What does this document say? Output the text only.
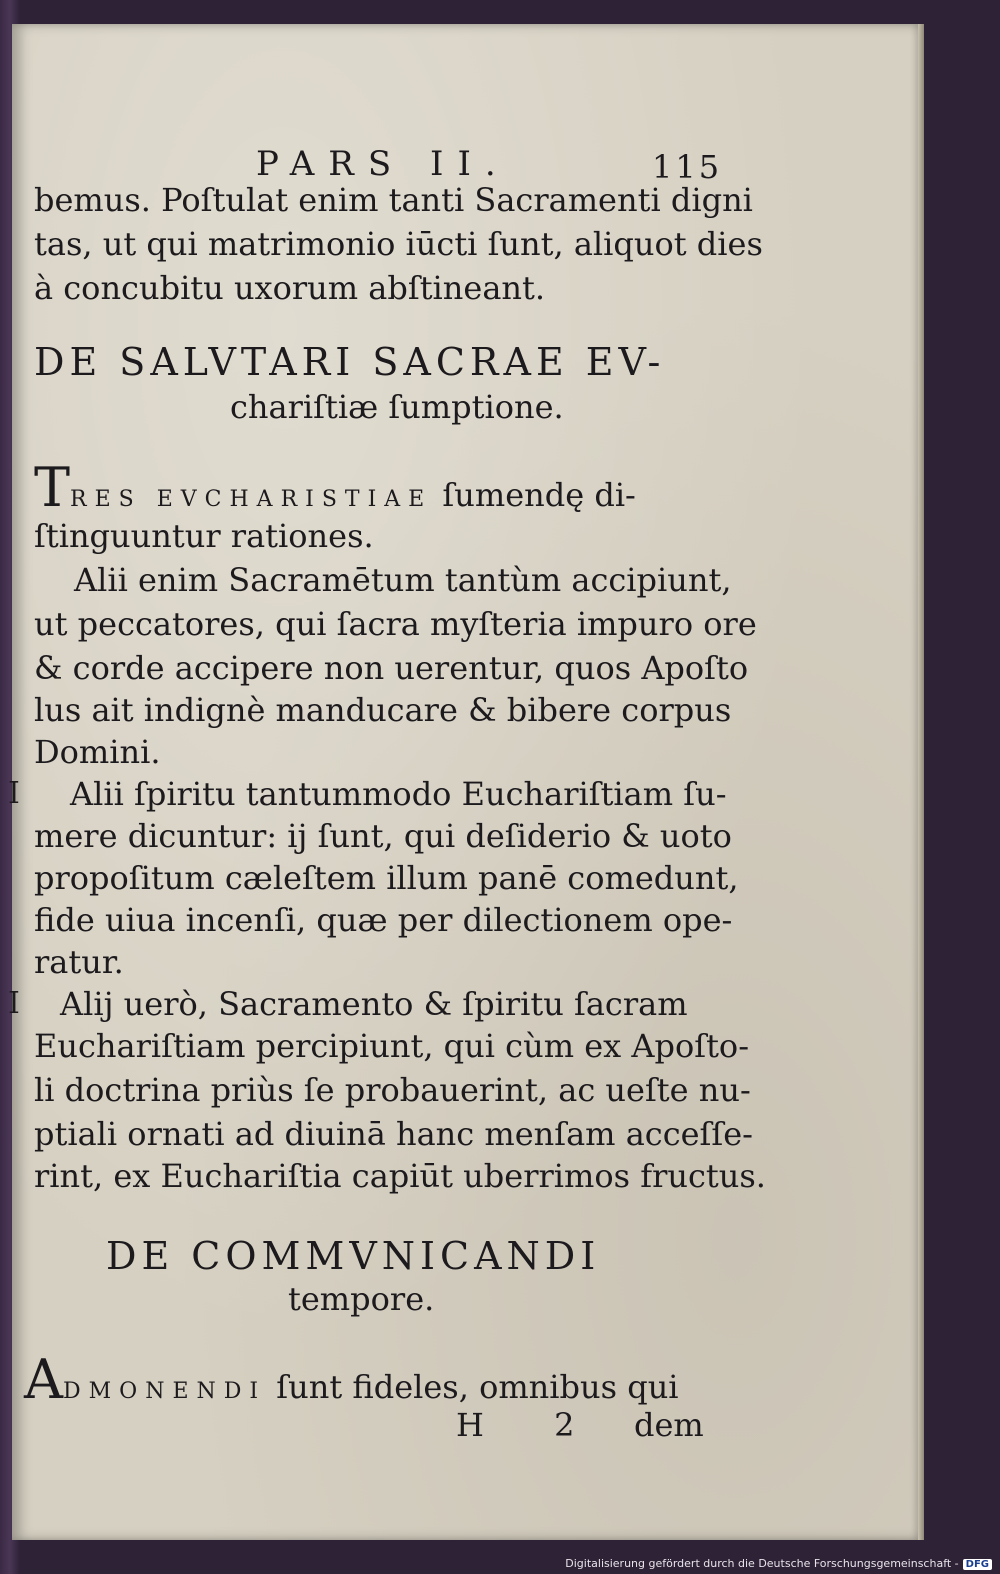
PARS II.	115
bemus. Poſtulat enim tanti Sacramenti digni
tas, ut qui matrimonio iūcti ſunt, aliquot dies
à concubitu uxorum abſtineant.
DE SALVTARI SACRAE EV-
chariſtiæ ſumptione.
TRES EVCHARISTIAE ſumendę di-
ſtinguuntur rationes.
Alii enim Sacramētum tantùm accipiunt,
ut peccatores, qui ſacra myſteria impuro ore
& corde accipere non uerentur, quos Apoſto
lus ait indignè manducare & bibere corpus
Domini.
I Alii ſpiritu tantummodo Euchariſtiam ſu-
mere dicuntur: ij ſunt, qui deſiderio & uoto
propoſitum cæleſtem illum panē comedunt,
fide uiua incenſi, quæ per dilectionem ope-
ratur.
I Alij uerò, Sacramento & ſpiritu ſacram
Euchariſtiam percipiunt, qui cùm ex Apoſto-
li doctrina priùs ſe probauerint, ac ueſte nu-
ptiali ornati ad diuinā hanc menſam acceſſe-
rint, ex Euchariſtia capiūt uberrimos fructus.
DE COMMVNICANDI
tempore.
ADMONENDI ſunt fideles, omnibus qui
H 2 dem
Digitalisierung gefördert durch die Deutsche Forschungsgemeinschaft - DFG
